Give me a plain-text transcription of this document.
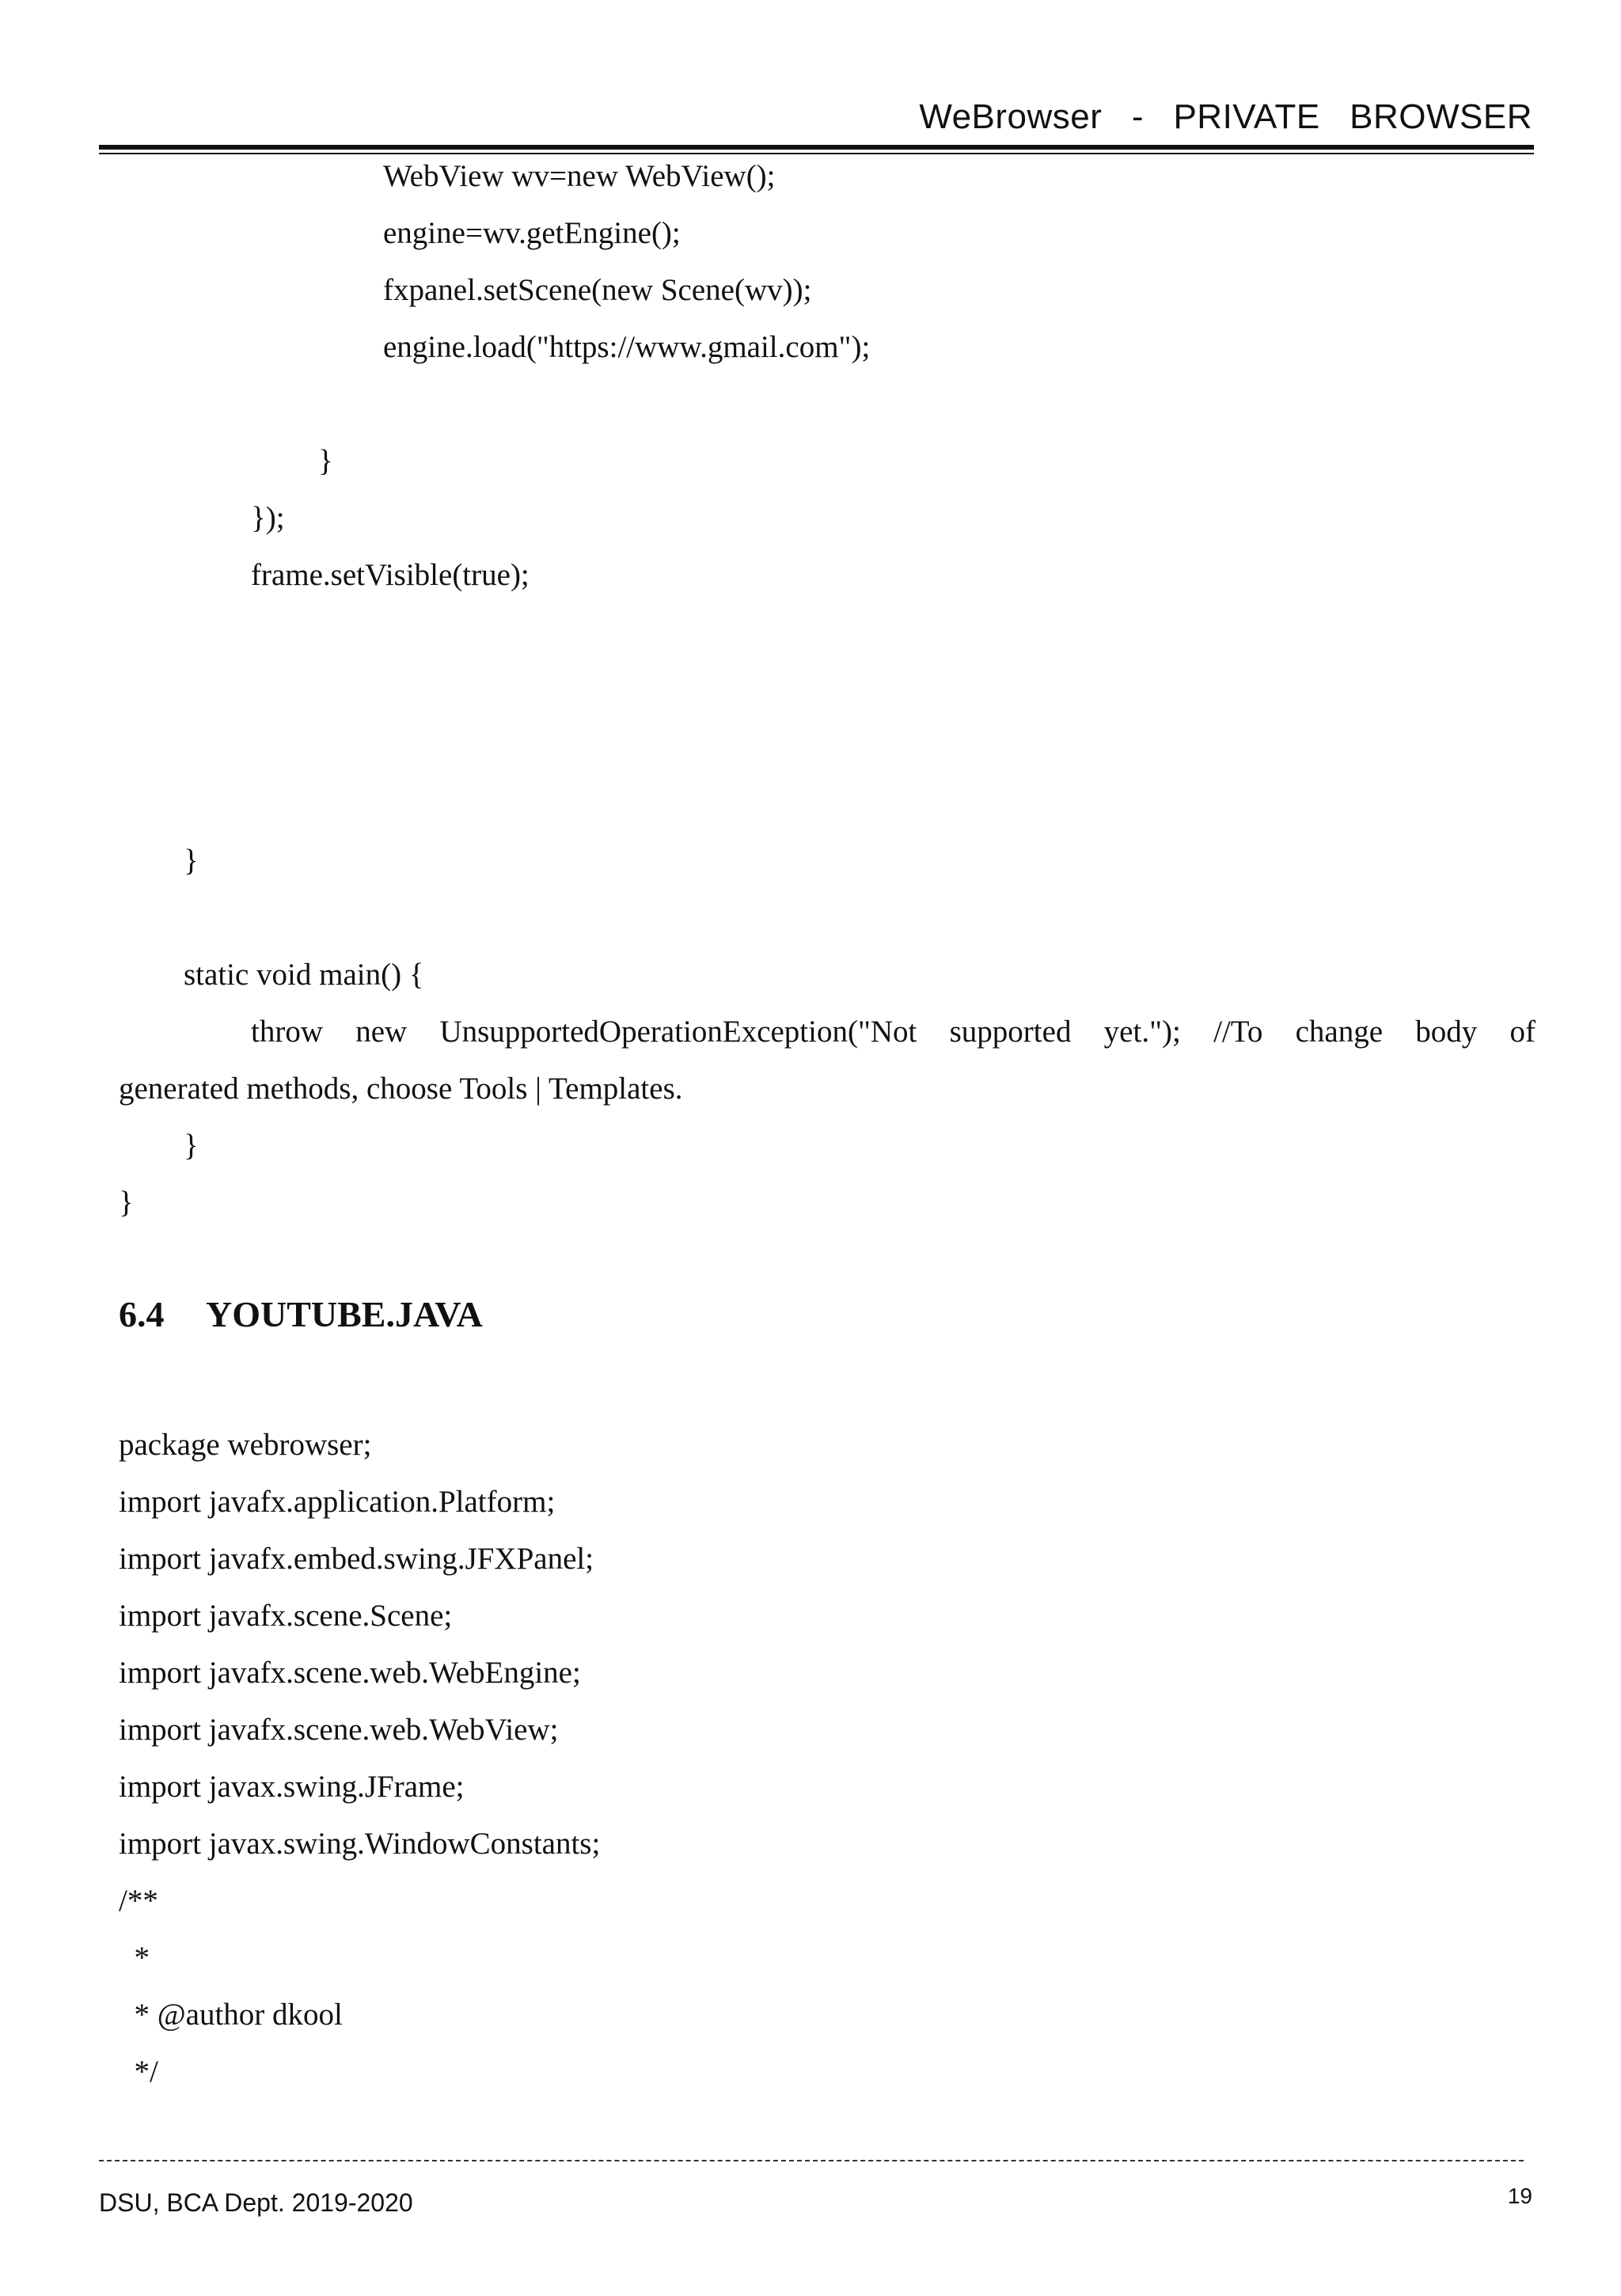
WeBrowser  -  PRIVATE  BROWSER
WebView wv=new WebView();
engine=wv.getEngine();
fxpanel.setScene(new Scene(wv));
engine.load("https://www.gmail.com");
}
});
frame.setVisible(true);
}
static void main() {
throw new UnsupportedOperationException("Not supported yet."); //To change body of
generated methods, choose Tools | Templates.
}
}
6.4 YOUTUBE.JAVA
package webrowser;
import javafx.application.Platform;
import javafx.embed.swing.JFXPanel;
import javafx.scene.Scene;
import javafx.scene.web.WebEngine;
import javafx.scene.web.WebView;
import javax.swing.JFrame;
import javax.swing.WindowConstants;
/**
*
* @author dkool
*/
DSU, BCA Dept. 2019-2020	19
